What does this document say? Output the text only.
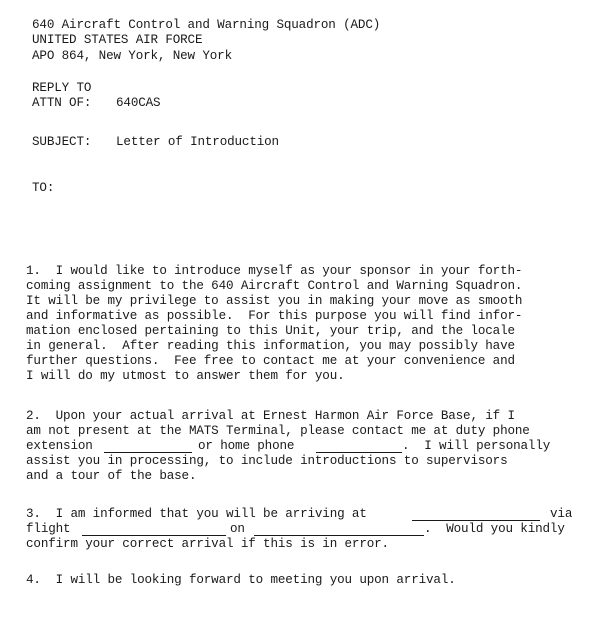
640 Aircraft Control and Warning Squadron (ADC)
UNITED STATES AIR FORCE
APO 864, New York, New York
REPLY TO
ATTN OF: 640CAS
SUBJECT: Letter of Introduction
TO:
1.  I would like to introduce myself as your sponsor in your forth-
coming assignment to the 640 Aircraft Control and Warning Squadron.
It will be my privilege to assist you in making your move as smooth
and informative as possible.  For this purpose you will find infor-
mation enclosed pertaining to this Unit, your trip, and the locale
in general.  After reading this information, you may possibly have
further questions.  Fee free to contact me at your convenience and
I will do my utmost to answer them for you.
2.  Upon your actual arrival at Ernest Harmon Air Force Base, if I
am not present at the MATS Terminal, please contact me at duty phone
extension	or home phone	.  I will personally
assist you in processing, to include introductions to supervisors
and a tour of the base.
3.  I am informed that you will be arriving at	via
flight	on	.  Would you kindly
confirm your correct arrival if this is in error.
4.  I will be looking forward to meeting you upon arrival.
